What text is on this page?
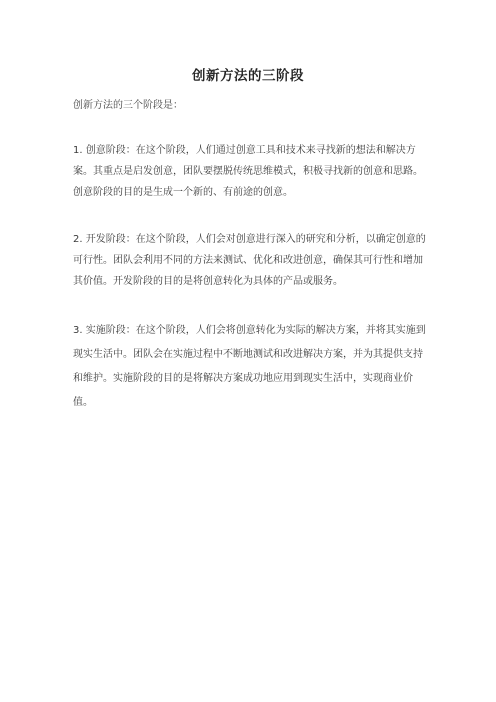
创新方法的三阶段
创新方法的三个阶段是：

1. 创意阶段：在这个阶段，人们通过创意工具和技术来寻找新的想法和解决方案。其重点是启发创意，团队要摆脱传统思维模式，积极寻找新的创意和思路。创意阶段的目的是生成一个新的、有前途的创意。

2. 开发阶段：在这个阶段，人们会对创意进行深入的研究和分析，以确定创意的可行性。团队会利用不同的方法来测试、优化和改进创意，确保其可行性和增加其价值。开发阶段的目的是将创意转化为具体的产品或服务。

3. 实施阶段：在这个阶段，人们会将创意转化为实际的解决方案，并将其实施到现实生活中。团队会在实施过程中不断地测试和改进解决方案，并为其提供支持和维护。实施阶段的目的是将解决方案成功地应用到现实生活中，实现商业价值。
